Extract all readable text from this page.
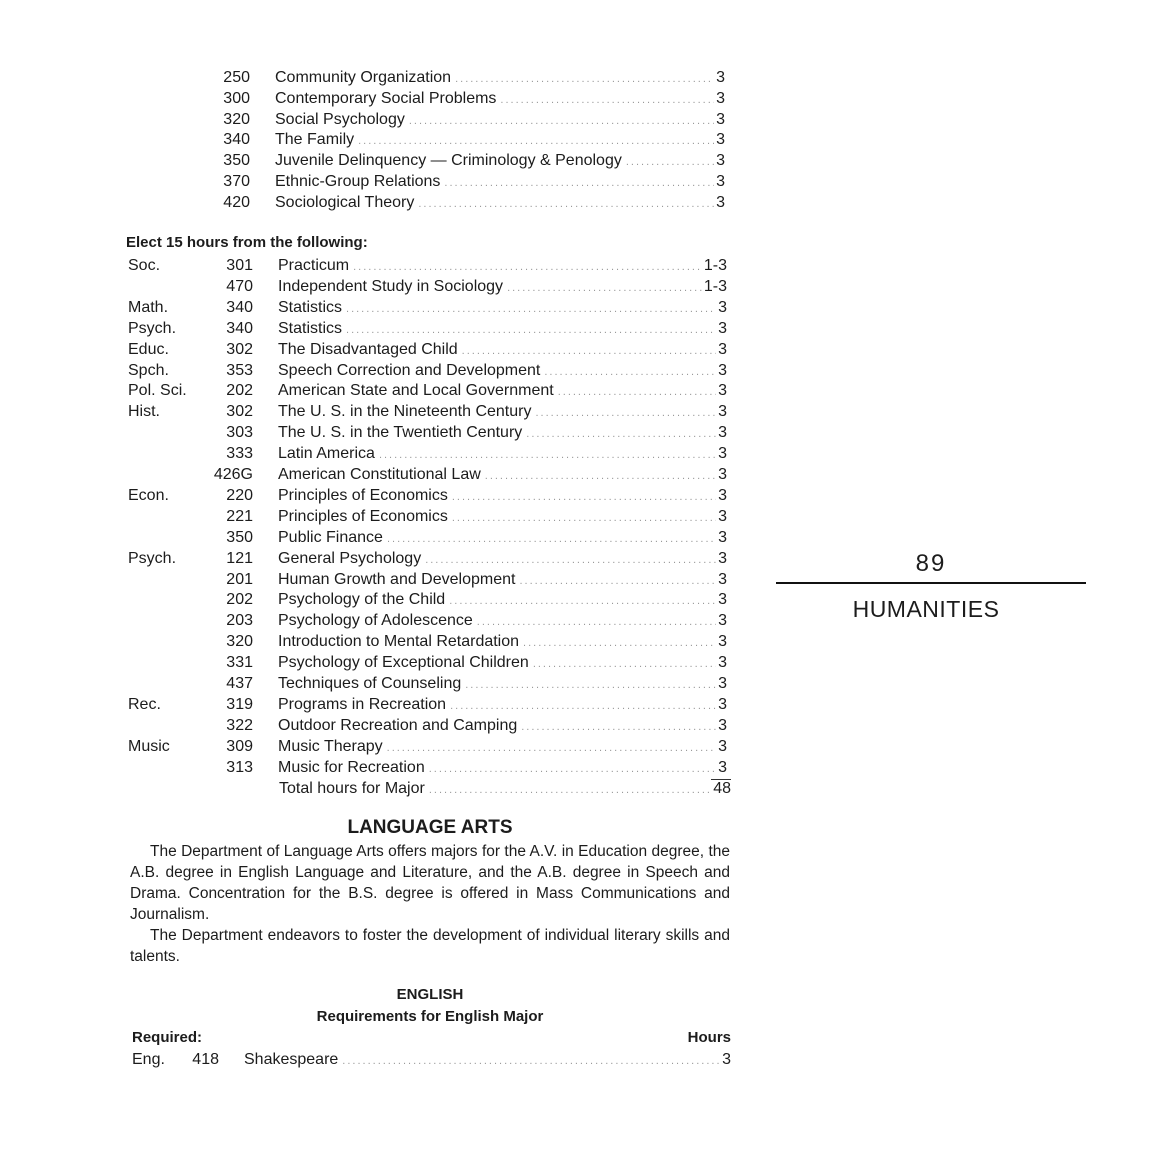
250 Community Organization .....	3
300 Contemporary Social Problems .....	3
320 Social Psychology .....	3
340 The Family .....	3
350 Juvenile Delinquency — Criminology & Penology .....	3
370 Ethnic-Group Relations .....	3
420 Sociological Theory .....	3
Elect 15 hours from the following:
Soc.	301 Practicum .....	1-3
470 Independent Study in Sociology .....	1-3
Math.	340 Statistics .....	3
Psych.	340 Statistics .....	3
Educ.	302 The Disadvantaged Child .....	3
Spch.	353 Speech Correction and Development .....	3
Pol. Sci.	202 American State and Local Government .....	3
Hist.	302 The U. S. in the Nineteenth Century .....	3
303 The U. S. in the Twentieth Century .....	3
333 Latin America .....	3
426G American Constitutional Law .....	3
Econ.	220 Principles of Economics .....	3
221 Principles of Economics .....	3
350 Public Finance .....	3
Psych.	121 General Psychology .....	3
201 Human Growth and Development .....	3
202 Psychology of the Child .....	3
203 Psychology of Adolescence .....	3
320 Introduction to Mental Retardation .....	3
331 Psychology of Exceptional Children .....	3
437 Techniques of Counseling .....	3
Rec.	319 Programs in Recreation .....	3
322 Outdoor Recreation and Camping .....	3
Music	309 Music Therapy .....	3
313 Music for Recreation .....	3
Total hours for Major .....	48
LANGUAGE ARTS
The Department of Language Arts offers majors for the A.V. in Education degree, the A.B. degree in English Language and Literature, and the A.B. degree in Speech and Drama. Concentration for the B.S. degree is offered in Mass Communications and Journalism.
The Department endeavors to foster the development of individual literary skills and talents.
ENGLISH
Requirements for English Major
Required:	Hours
Eng.	418 Shakespeare .....	3
89
HUMANITIES
